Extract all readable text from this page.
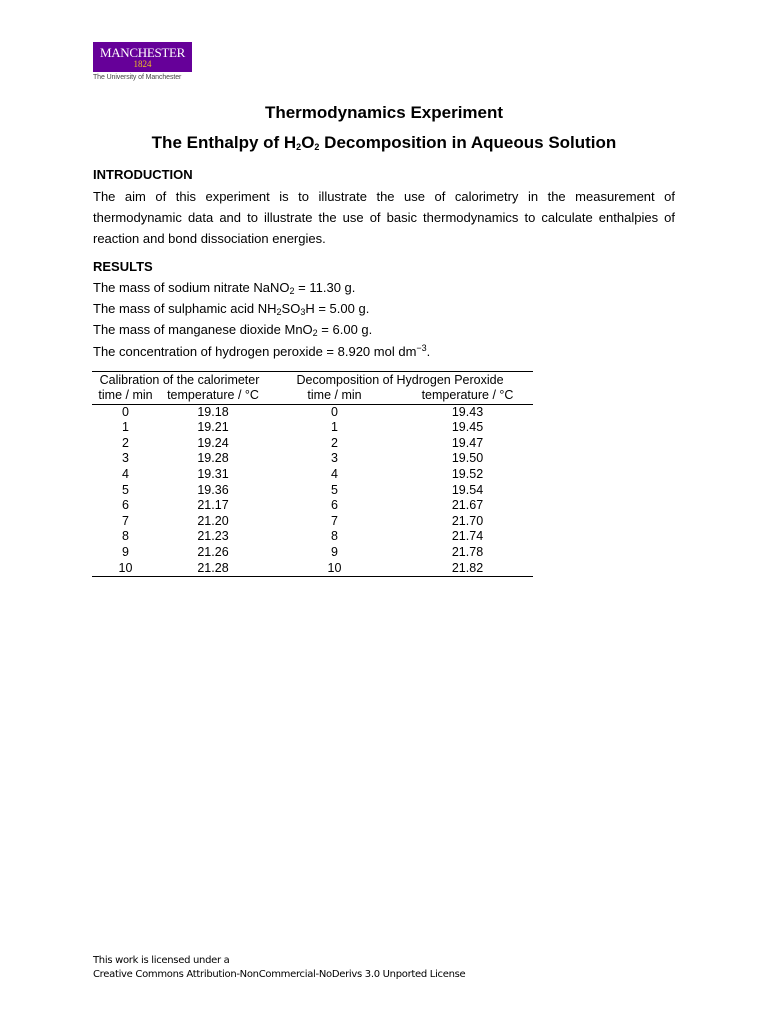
MANCHESTER
1824
The University of Manchester
Thermodynamics Experiment
The Enthalpy of $H_2O_2$ Decomposition in Aqueous Solution
INTRODUCTION
The aim of this experiment is to illustrate the use of calorimetry in the measurement of thermodynamic data and to illustrate the use of basic thermodynamics to calculate enthalpies of reaction and bond dissociation energies.
RESULTS
The mass of sodium nitrate NaNO$_2$ = 11.30 g.
The mass of sulphamic acid $NH_2SO_3H = 5.00$ g.
The mass of manganese dioxide MnO$_2$ = 6.00 g.
The concentration of hydrogen peroxide = 8.920 mol $dm^{-3}$.
Calibration of the calorimeter		Decomposition of Hydrogen Peroxide	
time / min	temperature / °C	time / min	temperature / °C
0	19.18	0	19.43
1	19.21	1	19.45
2	19.24	2	19.47
3	19.28	3	19.50
4	19.31	4	19.52
5	19.36	5	19.54
6	21.17	6	21.67
7	21.20	7	21.70
8	21.23	8	21.74
9	21.26	9	21.78
10	21.28	10	21.82
This work is licensed under a
Creative Commons Attribution-NonCommercial-NoDerivs 3.0 Unported License
